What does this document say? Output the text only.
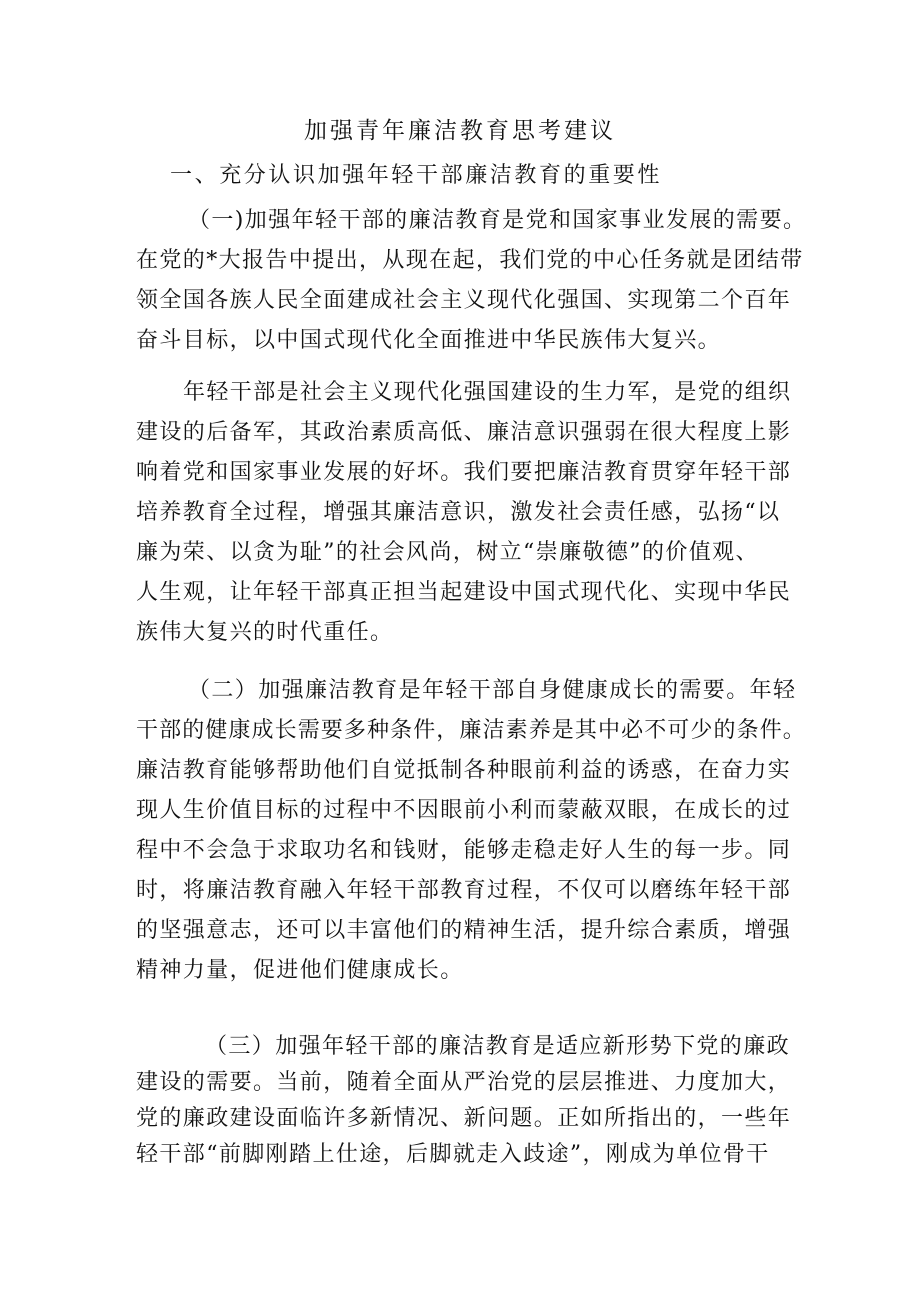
加强青年廉洁教育思考建议
一、充分认识加强年轻干部廉洁教育的重要性
（一)加强年轻干部的廉洁教育是党和国家事业发展的需要。
在党的*大报告中提出，从现在起，我们党的中心任务就是团结带
领全国各族人民全面建成社会主义现代化强国、实现第二个百年
奋斗目标，以中国式现代化全面推进中华民族伟大复兴。
年轻干部是社会主义现代化强国建设的生力军，是党的组织
建设的后备军，其政治素质高低、廉洁意识强弱在很大程度上影
响着党和国家事业发展的好坏。我们要把廉洁教育贯穿年轻干部
培养教育全过程，增强其廉洁意识，激发社会责任感，弘扬“以
廉为荣、以贪为耻”的社会风尚，树立“崇廉敬德”的价值观、
人生观，让年轻干部真正担当起建设中国式现代化、实现中华民
族伟大复兴的时代重任。
（二）加强廉洁教育是年轻干部自身健康成长的需要。年轻
干部的健康成长需要多种条件，廉洁素养是其中必不可少的条件。
廉洁教育能够帮助他们自觉抵制各种眼前利益的诱惑，在奋力实
现人生价值目标的过程中不因眼前小利而蒙蔽双眼，在成长的过
程中不会急于求取功名和钱财，能够走稳走好人生的每一步。同
时，将廉洁教育融入年轻干部教育过程，不仅可以磨练年轻干部
的坚强意志，还可以丰富他们的精神生活，提升综合素质，增强
精神力量，促进他们健康成长。
（三）加强年轻干部的廉洁教育是适应新形势下党的廉政
建设的需要。当前，随着全面从严治党的层层推进、力度加大，
党的廉政建设面临许多新情况、新问题。正如所指出的，一些年
轻干部“前脚刚踏上仕途，后脚就走入歧途”，刚成为单位骨干
